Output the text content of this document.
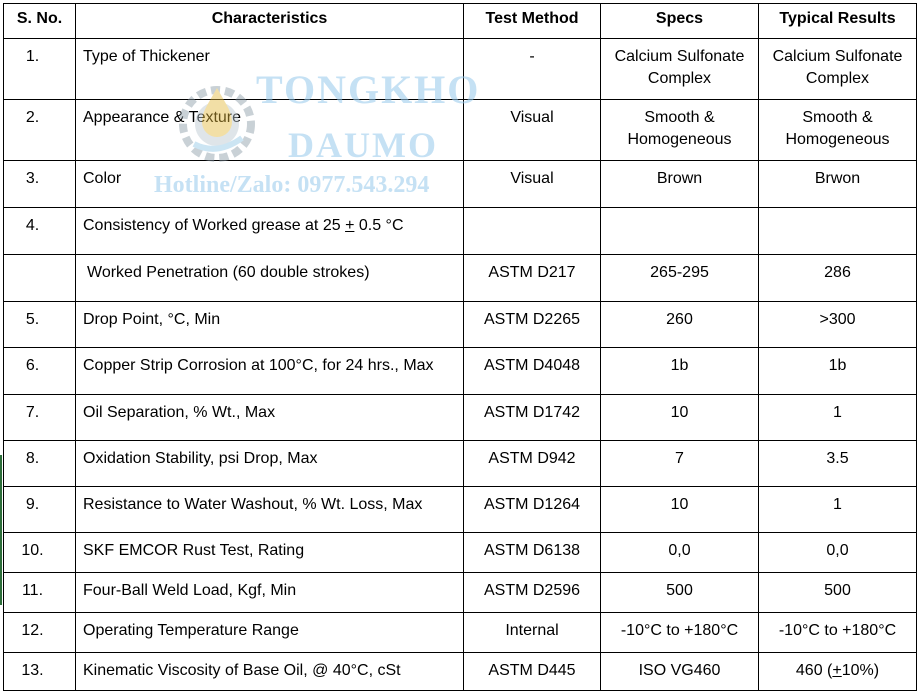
S. No.	Characteristics	Test Method	Specs	Typical Results
1.	Type of Thickener	-	Calcium Sulfonate Complex	Calcium Sulfonate Complex
2.	Appearance & Texture	Visual	Smooth & Homogeneous	Smooth & Homogeneous
3.	Color	Visual	Brown	Brwon
4.	Consistency of Worked grease at 25 + 0.5 °C			
	Worked Penetration (60 double strokes)	ASTM D217	265-295	286
5.	Drop Point, °C, Min	ASTM D2265	260	>300
6.	Copper Strip Corrosion at 100°C, for 24 hrs., Max	ASTM D4048	1b	1b
7.	Oil Separation, % Wt., Max	ASTM D1742	10	1
8.	Oxidation Stability, psi Drop, Max	ASTM D942	7	3.5
9.	Resistance to Water Washout, % Wt. Loss, Max	ASTM D1264	10	1
10.	SKF EMCOR Rust Test, Rating	ASTM D6138	0,0	0,0
11.	Four-Ball Weld Load, Kgf, Min	ASTM D2596	500	500
12.	Operating Temperature Range	Internal	-10°C to +180°C	-10°C to +180°C
13.	Kinematic Viscosity of Base Oil, @ 40°C, cSt	ASTM D445	ISO VG460	460 (+10%)
TONGKHO
DAUMO
Hotline/Zalo: 0977.543.294
